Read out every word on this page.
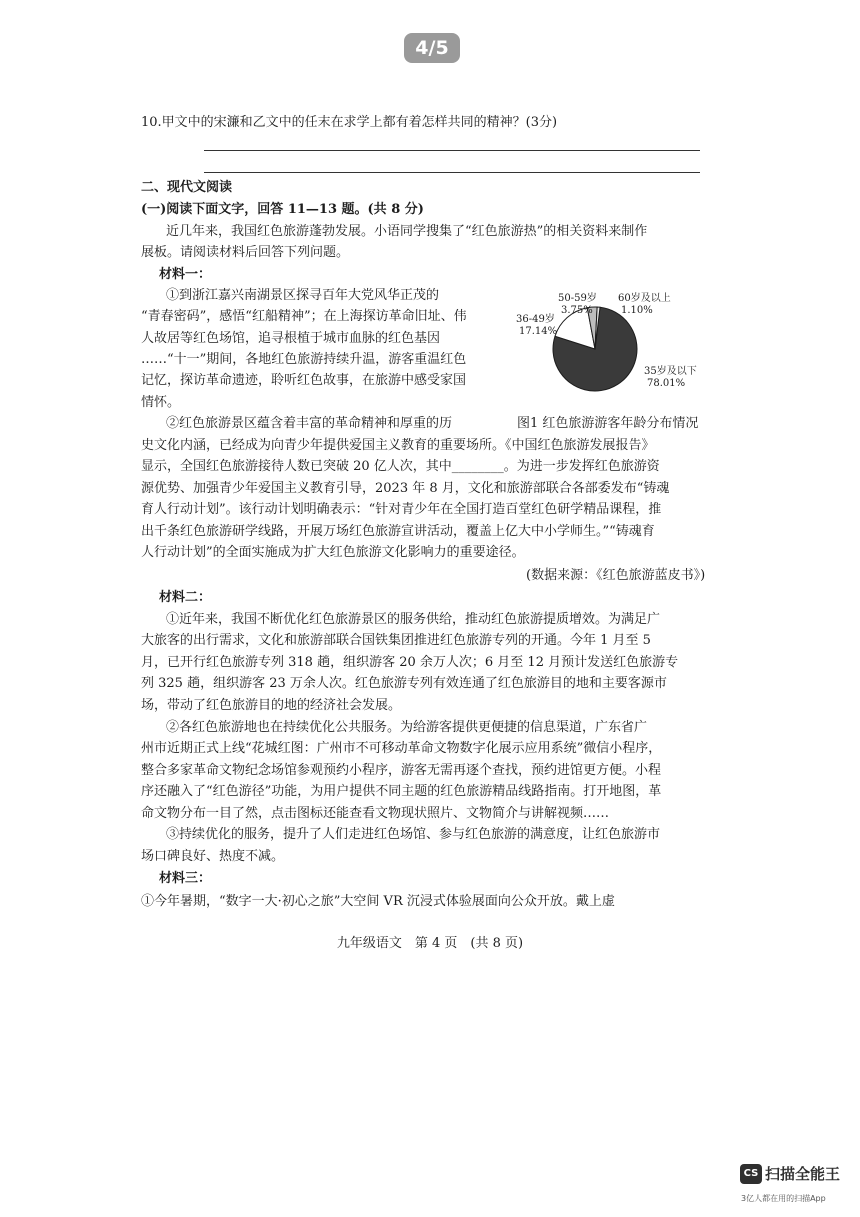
4/5
10.甲文中的宋濂和乙文中的任末在求学上都有着怎样共同的精神？(3分)
二、现代文阅读
(一)阅读下面文字，回答 11—13 题。(共 8 分)
近几年来，我国红色旅游蓬勃发展。小语同学搜集了“红色旅游热”的相关资料来制作
展板。请阅读材料后回答下列问题。
材料一：
①到浙江嘉兴南湖景区探寻百年大党风华正茂的
“青春密码”，感悟“红船精神”；在上海探访革命旧址、伟
人故居等红色场馆，追寻根植于城市血脉的红色基因
……“十一”期间，各地红色旅游持续升温，游客重温红色
记忆，探访革命遗迹，聆听红色故事，在旅游中感受家国
情怀。
②红色旅游景区蕴含着丰富的革命精神和厚重的历	图1 红色旅游游客年龄分布情况
史文化内涵，已经成为向青少年提供爱国主义教育的重要场所。《中国红色旅游发展报告》
显示，全国红色旅游接待人数已突破 20 亿人次，其中________。为进一步发挥红色旅游资
源优势、加强青少年爱国主义教育引导，2023 年 8 月，文化和旅游部联合各部委发布“铸魂
育人行动计划”。该行动计划明确表示：“针对青少年在全国打造百堂红色研学精品课程，推
出千条红色旅游研学线路，开展万场红色旅游宣讲活动，覆盖上亿大中小学师生。”“铸魂育
人行动计划”的全面实施成为扩大红色旅游文化影响力的重要途径。
(数据来源：《红色旅游蓝皮书》)
材料二：
①近年来，我国不断优化红色旅游景区的服务供给，推动红色旅游提质增效。为满足广
大旅客的出行需求，文化和旅游部联合国铁集团推进红色旅游专列的开通。今年 1 月至 5
月，已开行红色旅游专列 318 趟，组织游客 20 余万人次；6 月至 12 月预计发送红色旅游专
列 325 趟，组织游客 23 万余人次。红色旅游专列有效连通了红色旅游目的地和主要客源市
场，带动了红色旅游目的地的经济社会发展。
②各红色旅游地也在持续优化公共服务。为给游客提供更便捷的信息渠道，广东省广
州市近期正式上线“花城红图：广州市不可移动革命文物数字化展示应用系统”微信小程序，
整合多家革命文物纪念场馆参观预约小程序，游客无需再逐个查找，预约进馆更方便。小程
序还融入了“红色游径”功能，为用户提供不同主题的红色旅游精品线路指南。打开地图，革
命文物分布一目了然，点击图标还能查看文物现状照片、文物简介与讲解视频……
③持续优化的服务，提升了人们走进红色场馆、参与红色旅游的满意度，让红色旅游市
场口碑良好、热度不减。
材料三：
①今年暑期，“数字一大·初心之旅”大空间 VR 沉浸式体验展面向公众开放。戴上虚
九年级语文　第 4 页　(共 8 页)
35岁及以下
78.01%
60岁及以上
1.10%
50-59岁
3.75%
36-49岁
17.14%
CS 扫描全能王
3亿人都在用的扫描App
